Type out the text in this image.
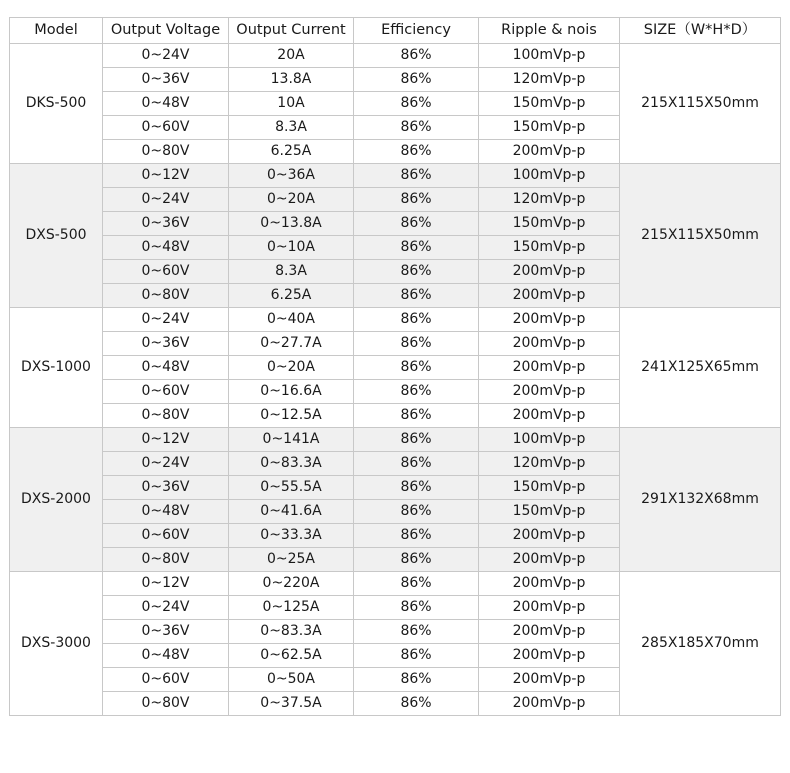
Model	Output Voltage	Output Current	Efficiency	Ripple & nois	SIZE（W*H*D）
DKS-500	0~24V	20A	86%	100mVp-p	215X115X50mm
	0~36V	13.8A	86%	120mVp-p	
	0~48V	10A	86%	150mVp-p	
	0~60V	8.3A	86%	150mVp-p	
	0~80V	6.25A	86%	200mVp-p	
DXS-500	0~12V	0~36A	86%	100mVp-p	215X115X50mm
	0~24V	0~20A	86%	120mVp-p	
	0~36V	0~13.8A	86%	150mVp-p	
	0~48V	0~10A	86%	150mVp-p	
	0~60V	8.3A	86%	200mVp-p	
	0~80V	6.25A	86%	200mVp-p	
DXS-1000	0~24V	0~40A	86%	200mVp-p	241X125X65mm
	0~36V	0~27.7A	86%	200mVp-p	
	0~48V	0~20A	86%	200mVp-p	
	0~60V	0~16.6A	86%	200mVp-p	
	0~80V	0~12.5A	86%	200mVp-p	
DXS-2000	0~12V	0~141A	86%	100mVp-p	291X132X68mm
	0~24V	0~83.3A	86%	120mVp-p	
	0~36V	0~55.5A	86%	150mVp-p	
	0~48V	0~41.6A	86%	150mVp-p	
	0~60V	0~33.3A	86%	200mVp-p	
	0~80V	0~25A	86%	200mVp-p	
DXS-3000	0~12V	0~220A	86%	200mVp-p	285X185X70mm
	0~24V	0~125A	86%	200mVp-p	
	0~36V	0~83.3A	86%	200mVp-p	
	0~48V	0~62.5A	86%	200mVp-p	
	0~60V	0~50A	86%	200mVp-p	
	0~80V	0~37.5A	86%	200mVp-p	
